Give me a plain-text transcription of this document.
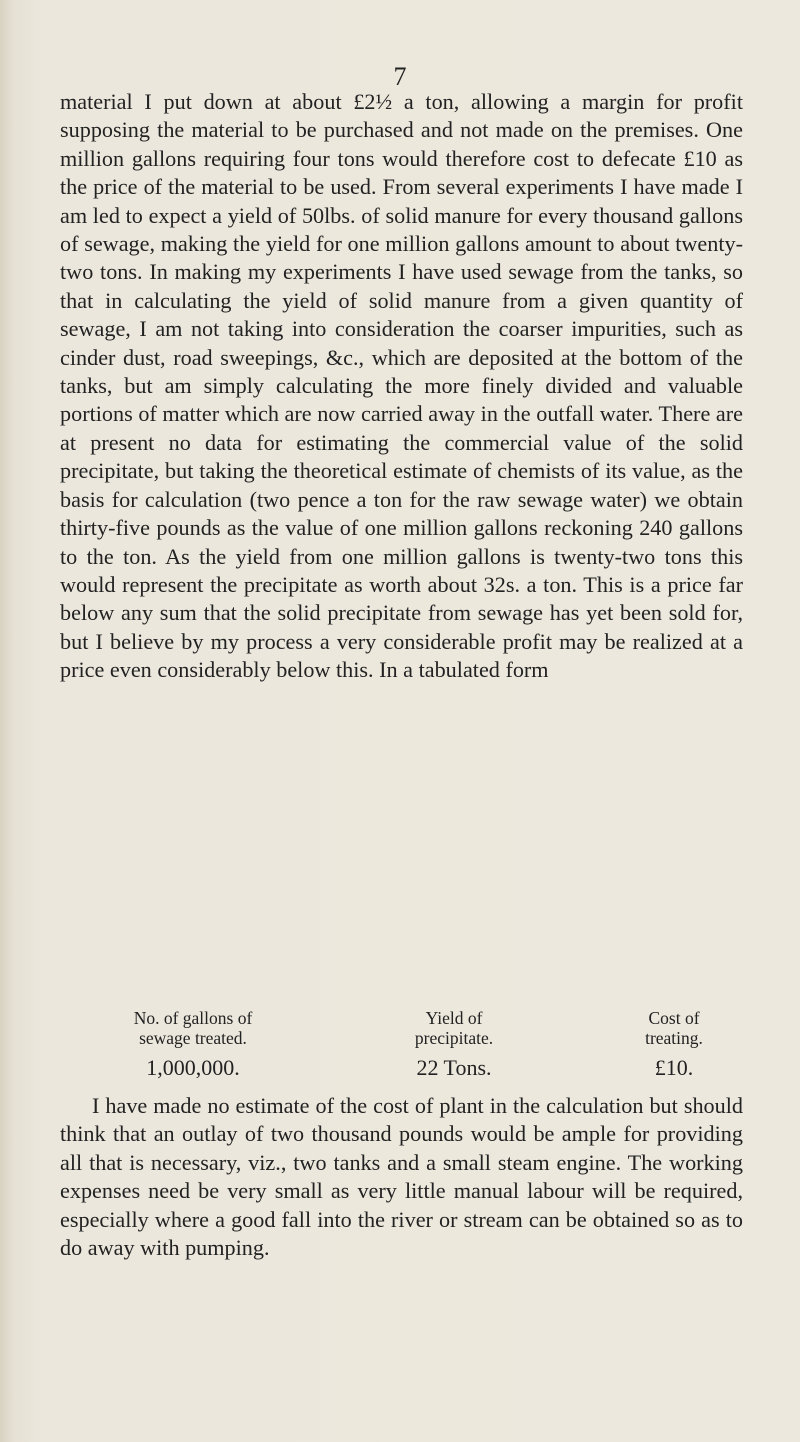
7

material I put down at about £2½ a ton, allowing a margin for profit supposing the material to be purchased and not made on the premises. One million gallons requiring four tons would therefore cost to defecate £10 as the price of the material to be used. From several experiments I have made I am led to expect a yield of 50lbs. of solid manure for every thousand gallons of sewage, making the yield for one million gallons amount to about twenty-two tons. In making my experiments I have used sewage from the tanks, so that in calculating the yield of solid manure from a given quantity of sewage, I am not taking into consideration the coarser impurities, such as cinder dust, road sweepings, &c., which are deposited at the bottom of the tanks, but am simply calculating the more finely divided and valuable portions of matter which are now carried away in the outfall water. There are at present no data for estimating the commercial value of the solid precipitate, but taking the theoretical estimate of chemists of its value, as the basis for calculation (two pence a ton for the raw sewage water) we obtain thirty-five pounds as the value of one million gallons reckoning 240 gallons to the ton. As the yield from one million gallons is twenty-two tons this would represent the precipitate as worth about 32s. a ton. This is a price far below any sum that the solid precipitate from sewage has yet been sold for, but I believe by my process a very considerable profit may be realized at a price even considerably below this. In a tabulated form

No. of gallons of
sewage treated.
Yield of
precipitate.
Cost of
treating.
1,000,000.	22 Tons.	£10.

I have made no estimate of the cost of plant in the calculation but should think that an outlay of two thousand pounds would be ample for providing all that is necessary, viz., two tanks and a small steam engine. The working expenses need be very small as very little manual labour will be required, especially where a good fall into the river or stream can be obtained so as to do away with pumping.
